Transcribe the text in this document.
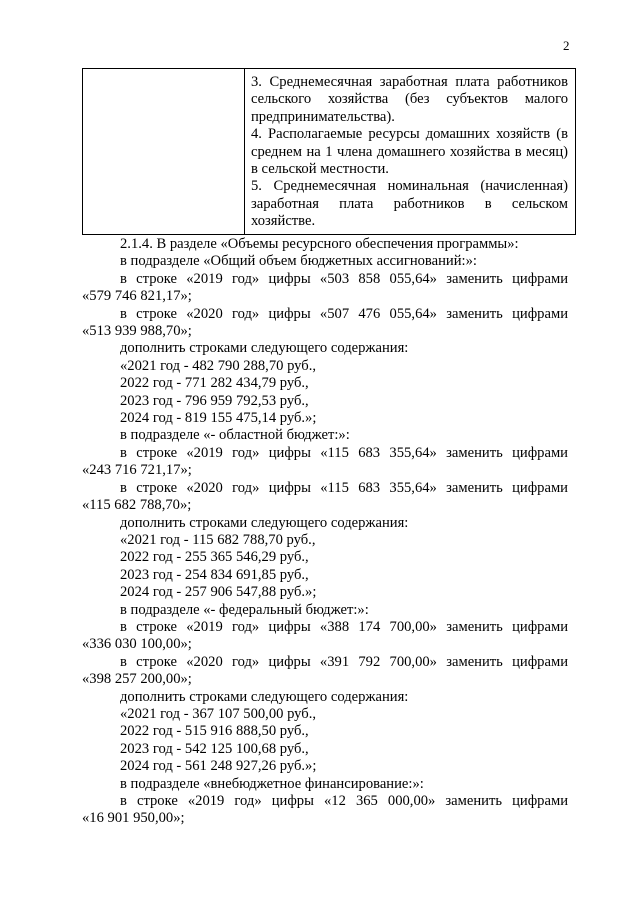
2

3. Среднемесячная заработная плата работников сельского хозяйства (без субъектов малого предпринимательства).

4. Располагаемые ресурсы домашних хозяйств (в среднем на 1 члена домашнего хозяйства в месяц) в сельской местности.

5. Среднемесячная номинальная (начисленная) заработная плата работников в сельском хозяйстве.

2.1.4. В разделе «Объемы ресурсного обеспечения программы»:
в подразделе «Общий объем бюджетных ассигнований:»:
в строке «2019 год» цифры «503 858 055,64» заменить цифрами
«579 746 821,17»;
в строке «2020 год» цифры «507 476 055,64» заменить цифрами
«513 939 988,70»;
дополнить строками следующего содержания:
«2021 год - 482 790 288,70 руб.,
2022 год - 771 282 434,79 руб.,
2023 год - 796 959 792,53 руб.,
2024 год - 819 155 475,14 руб.»;
в подразделе «- областной бюджет:»:
в строке «2019 год» цифры «115 683 355,64» заменить цифрами
«243 716 721,17»;
в строке «2020 год» цифры «115 683 355,64» заменить цифрами
«115 682 788,70»;
дополнить строками следующего содержания:
«2021 год - 115 682 788,70 руб.,
2022 год - 255 365 546,29 руб.,
2023 год - 254 834 691,85 руб.,
2024 год - 257 906 547,88 руб.»;
в подразделе «- федеральный бюджет:»:
в строке «2019 год» цифры «388 174 700,00» заменить цифрами
«336 030 100,00»;
в строке «2020 год» цифры «391 792 700,00» заменить цифрами
«398 257 200,00»;
дополнить строками следующего содержания:
«2021 год - 367 107 500,00 руб.,
2022 год - 515 916 888,50 руб.,
2023 год - 542 125 100,68 руб.,
2024 год - 561 248 927,26 руб.»;
в подразделе «внебюджетное финансирование:»:
в строке «2019 год» цифры «12 365 000,00» заменить цифрами
«16 901 950,00»;
